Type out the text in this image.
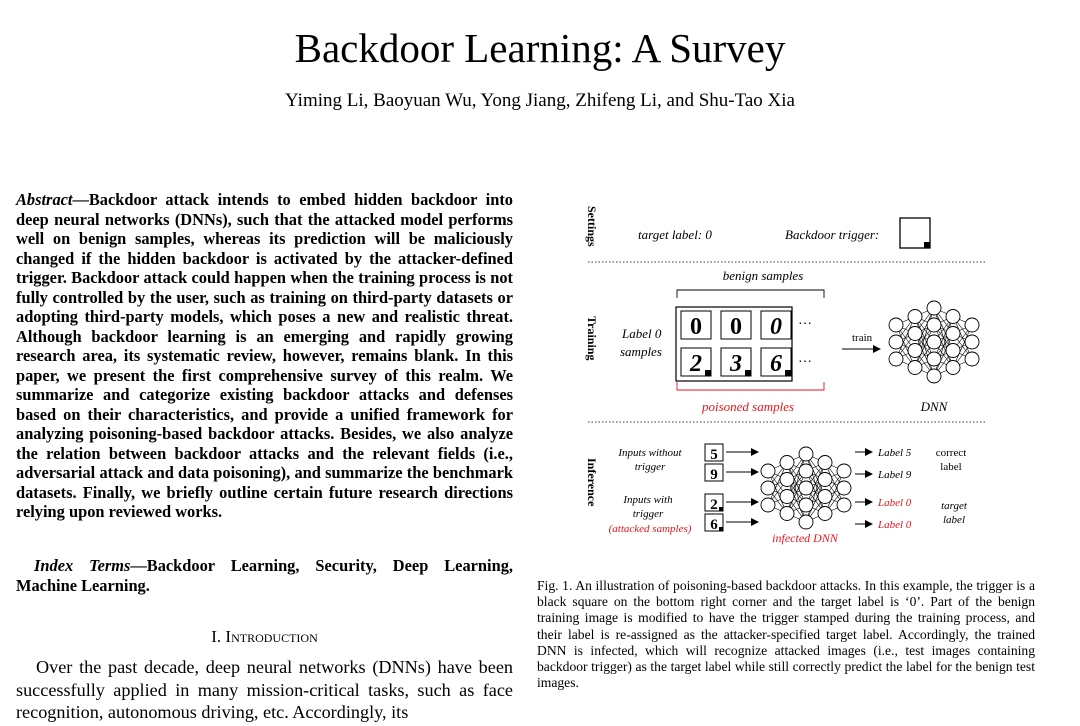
Backdoor Learning: A Survey

Yiming Li, Baoyuan Wu, Yong Jiang, Zhifeng Li, and Shu-Tao Xia

Abstract—Backdoor attack intends to embed hidden backdoor into deep neural networks (DNNs), such that the attacked model performs well on benign samples, whereas its prediction will be maliciously changed if the hidden backdoor is activated by the attacker-defined trigger. Backdoor attack could happen when the training process is not fully controlled by the user, such as training on third-party datasets or adopting third-party models, which poses a new and realistic threat. Although backdoor learning is an emerging and rapidly growing research area, its systematic review, however, remains blank. In this paper, we present the first comprehensive survey of this realm. We summarize and categorize existing backdoor attacks and defenses based on their characteristics, and provide a unified framework for analyzing poisoning-based backdoor attacks. Besides, we also analyze the relation between backdoor attacks and the relevant fields (i.e., adversarial attack and data poisoning), and summarize the benchmark datasets. Finally, we briefly outline certain future research directions relying upon reviewed works.

Index Terms—Backdoor Learning, Security, Deep Learning, Machine Learning.

I. Introduction

Over the past decade, deep neural networks (DNNs) have been successfully applied in many mission-critical tasks, such as face recognition, autonomous driving, etc. Accordingly, its

Settings
Training
Inference
target label: 0	Backdoor trigger:
benign samples
Label 0
samples
0 0 0 ···
2 3 6 ···
poisoned samples
train
DNN
Inputs without
trigger
Inputs with
trigger
(attacked samples)
5
9
2
6
infected DNN
Label 5
Label 9
Label 0
Label 0
correct
label
target
label

Fig. 1. An illustration of poisoning-based backdoor attacks. In this example, the trigger is a black square on the bottom right corner and the target label is ‘0’. Part of the benign training image is modified to have the trigger stamped during the training process, and their label is re-assigned as the attacker-specified target label. Accordingly, the trained DNN is infected, which will recognize attacked images (i.e., test images containing backdoor trigger) as the target label while still correctly predict the label for the benign test images.
